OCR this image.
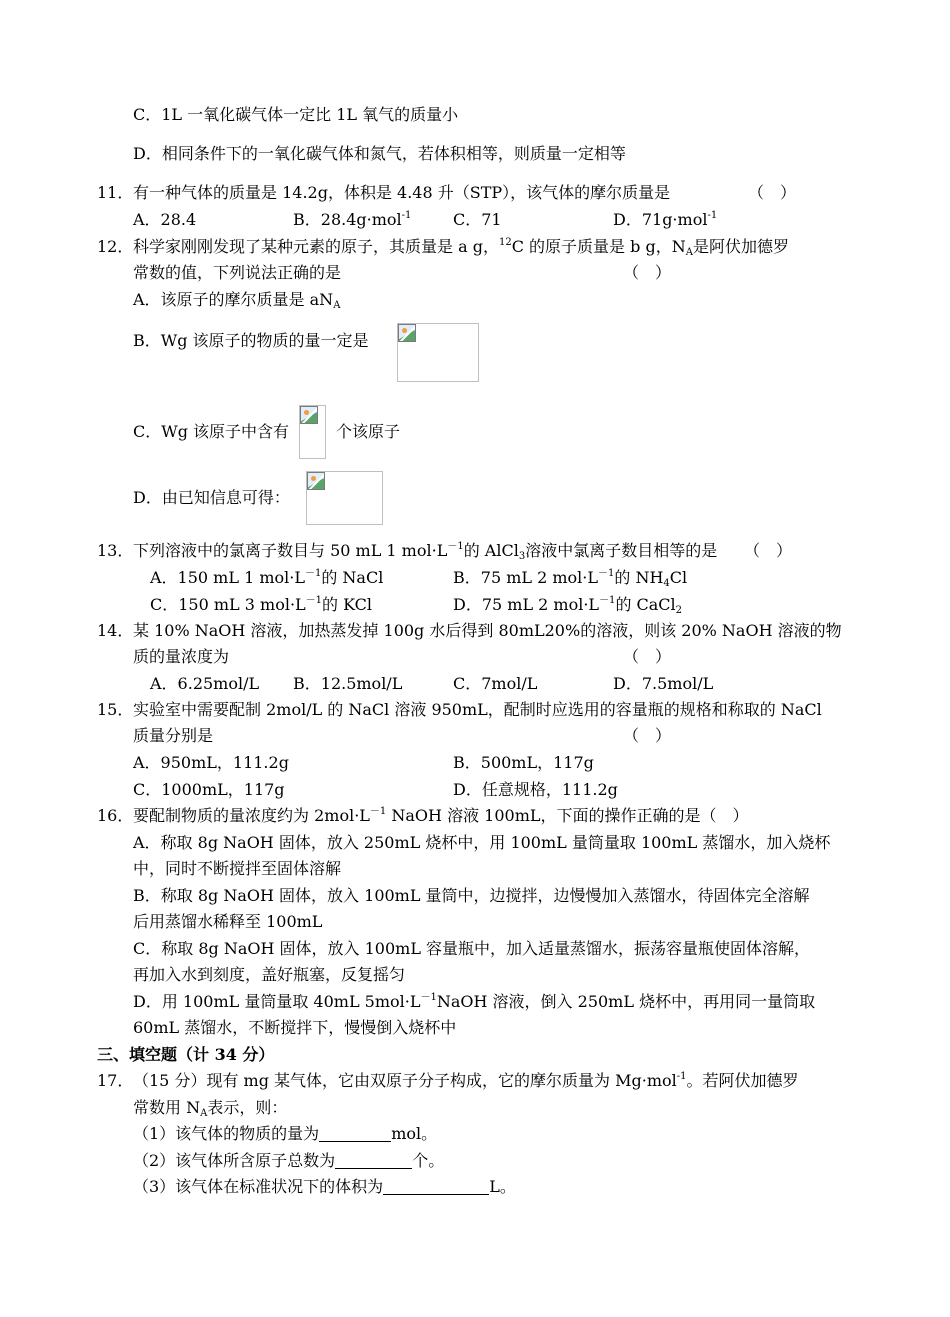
C．1L 一氧化碳气体一定比 1L 氧气的质量小
D．相同条件下的一氧化碳气体和氮气，若体积相等，则质量一定相等
11． 有一种气体的质量是 14.2g，体积是 4.48 升（STP），该气体的摩尔质量是	（　）
A．28.4	B．28.4g·mol$^{-1}$	C．71	D．71g·mol$^{-1}$
12． 科学家刚刚发现了某种元素的原子，其质量是 a g，$^{12}$C 的原子质量是 b g，$N_A$是阿伏加德罗
常数的值，下列说法正确的是	（　）
A．该原子的摩尔质量是 $aN_A$
B．Wg 该原子的物质的量一定是
C．Wg 该原子中含有	个该原子
D．由已知信息可得：
13． 下列溶液中的氯离子数目与 50 mL 1 $mol\cdot L^{-1}$的 AlCl$_3$溶液中氯离子数目相等的是 （　）
A．150 mL 1 $mol\cdot L^{-1}$的 NaCl	B．75 mL 2 $mol\cdot L^{-1}$的 $NH_4Cl$
C．150 mL 3 $mol\cdot L^{-1}$的 KCl	D．75 mL 2 $mol\cdot L^{-1}$的 CaCl$_2$
14． 某 10% NaOH 溶液，加热蒸发掉 100g 水后得到 80mL20%的溶液，则该 20% NaOH 溶液的物
质的量浓度为	（　）
A．6.25mol/L B．12.5mol/L	C．7mol/L	D．7.5mol/L
15． 实验室中需要配制 2mol/L 的 NaCl 溶液 950mL，配制时应选用的容量瓶的规格和称取的 NaCl
质量分别是	（　）
A．950mL，111.2g	B．500mL，117g
C．1000mL，117g	D．任意规格，111.2g
16． 要配制物质的量浓度约为 $2mol\cdot L^{-1}$ NaOH 溶液 100mL，下面的操作正确的是（　）
A．称取 8g NaOH 固体，放入 250mL 烧杯中，用 100mL 量筒量取 100mL 蒸馏水，加入烧杯
中，同时不断搅拌至固体溶解
B．称取 8g NaOH 固体，放入 100mL 量筒中，边搅拌，边慢慢加入蒸馏水，待固体完全溶解
后用蒸馏水稀释至 100mL
C．称取 8g NaOH 固体，放入 100mL 容量瓶中，加入适量蒸馏水，振荡容量瓶使固体溶解，
再加入水到刻度，盖好瓶塞，反复摇匀
D．用 100mL 量筒量取 40mL $5mol\cdot L^{-1}NaOH$ 溶液，倒入 250mL 烧杯中，再用同一量筒取
60mL 蒸馏水，不断搅拌下，慢慢倒入烧杯中
三、填空题（计 34 分）
17． （15 分）现有 mg 某气体，它由双原子分子构成，它的摩尔质量为 Mg·mol$^{-1}$。若阿伏加德罗
常数用 $N_A$表示，则：
（1）该气体的物质的量为	mol。
（2）该气体所含原子总数为	个。
（3）该气体在标准状况下的体积为	L。
